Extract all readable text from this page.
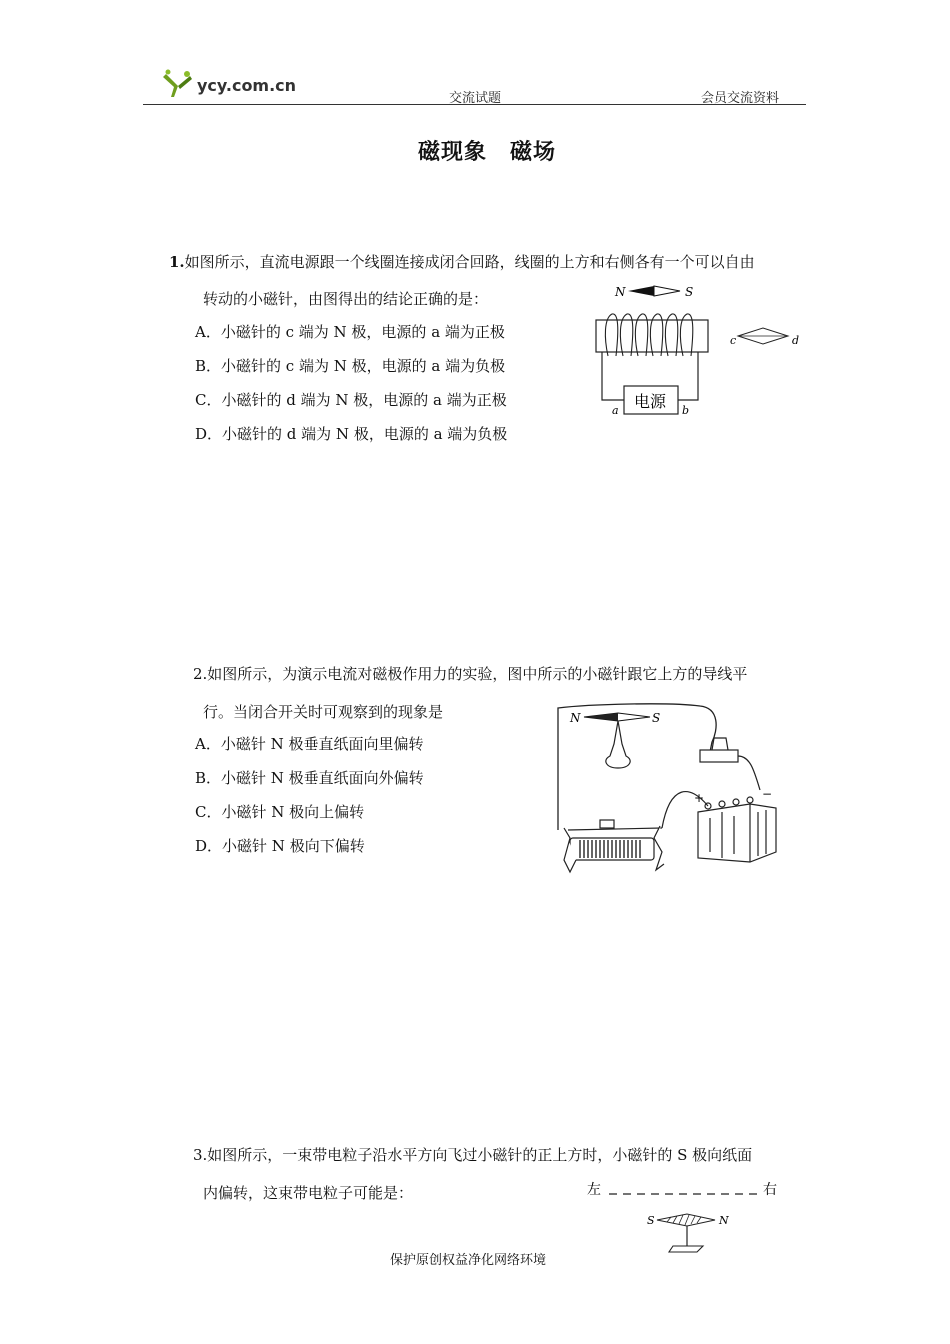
ycy.com.cn
交流试题	会员交流资料
磁现象　磁场
1.如图所示，直流电源跟一个线圈连接成闭合回路，线圈的上方和右侧各有一个可以自由
转动的小磁针，由图得出的结论正确的是：
A．小磁针的 c 端为 N 极，电源的 a 端为正极
B．小磁针的 c 端为 N 极，电源的 a 端为负极
C．小磁针的 d 端为 N 极，电源的 a 端为正极
D．小磁针的 d 端为 N 极，电源的 a 端为负极
N	S
电源
a	b
c	d
2.如图所示，为演示电流对磁极作用力的实验，图中所示的小磁针跟它上方的导线平
行。当闭合开关时可观察到的现象是
A．小磁针 N 极垂直纸面向里偏转
B．小磁针 N 极垂直纸面向外偏转
C．小磁针 N 极向上偏转
D．小磁针 N 极向下偏转
N	S
+	−
3.如图所示，一束带电粒子沿水平方向飞过小磁针的正上方时，小磁针的 S 极向纸面
内偏转，这束带电粒子可能是：	左	右
S	N
保护原创权益净化网络环境
